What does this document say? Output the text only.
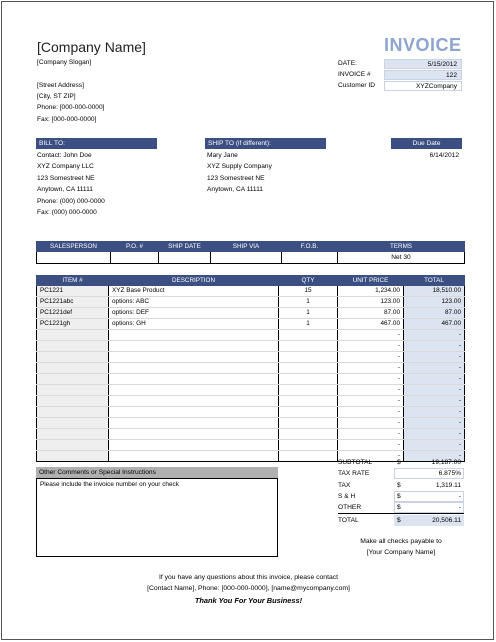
[Company Name]	INVOICE
[Company Slogan]
[Street Address]
[City, ST ZIP]
Phone: [000-000-0000]
Fax: [000-000-0000]
DATE:	5/15/2012
INVOICE #	122
Customer ID	XYZCompany
BILL TO:
Contact: John Doe
XYZ Company LLC
123 Somestreet NE
Anytown, CA 11111
Phone: (000) 000-0000
Fax: (000) 000-0000
SHIP TO (if different):
Mary Jane
XYZ Supply Company
123 Somestreet NE
Anytown, CA 11111
Due Date
6/14/2012
SALESPERSON	P.O. #	SHIP DATE	SHIP VIA	F.O.B.	TERMS
					Net 30
ITEM #	DESCRIPTION	QTY	UNIT PRICE	TOTAL
PC1221	XYZ Base Product	15	1,234.00	18,510.00
PC1221abc	options: ABC	1	123.00	123.00
PC1221def	options: DEF	1	87.00	87.00
PC1221gh	options: GH	1	467.00	467.00
			-	-
			-	-
			-	-
			-	-
			-	-
			-	-
			-	-
			-	-
			-	-
			-	-
			-	-
			-	-
Other Comments or Special Instructions
Please include the invoice number on your check
SUBTOTAL	$	19,187.00
TAX RATE	6.875%
TAX	$	1,319.11
S & H	$	-
OTHER	$	-
TOTAL	$	20,506.11
Make all checks payable to
[Your Company Name]
If you have any questions about this invoice, please contact
[Contact Name], Phone: [000-000-0000], [name@mycompany.com]
Thank You For Your Business!
